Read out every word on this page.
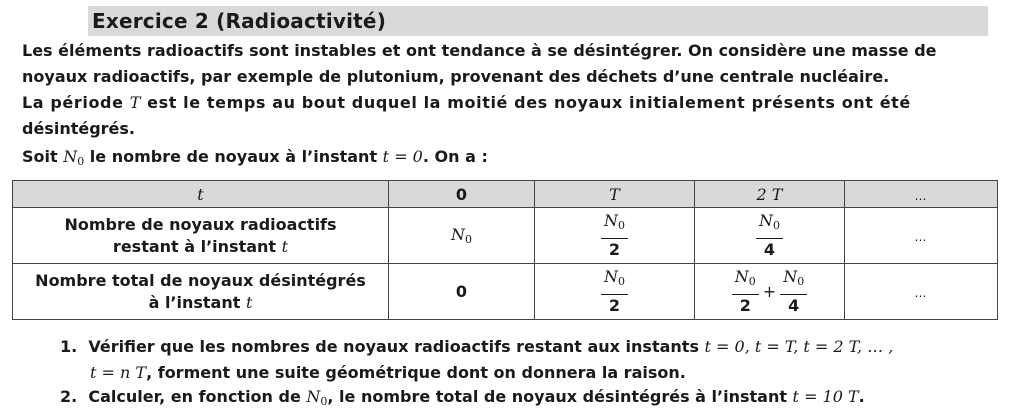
Exercice 2 (Radioactivité)
Les éléments radioactifs sont instables et ont tendance à se désintégrer. On considère une masse de
noyaux radioactifs, par exemple de plutonium, provenant des déchets d’une centrale nucléaire.
La période T est le temps au bout duquel la moitié des noyaux initialement présents ont été
désintégrés.
Soit $N_0$ le nombre de noyaux à l’instant t = 0. On a :
t	0	T	2 T	…
Nombre de noyaux radioactifs
restant à l’instant t	$N_0$	$\frac{N_0}{2}$	$\frac{N_0}{4}$	…
Nombre total de noyaux désintégrés
à l’instant t	0	$\frac{N_0}{2}$	$\frac{N_0}{2} + \frac{N_0}{4}$	…
1. Vérifier que les nombres de noyaux radioactifs restant aux instants t = 0, t = T, t = 2 T, … ,
t = n T, forment une suite géométrique dont on donnera la raison.
2. Calculer, en fonction de $N_0$, le nombre total de noyaux désintégrés à l’instant t = 10 T.
